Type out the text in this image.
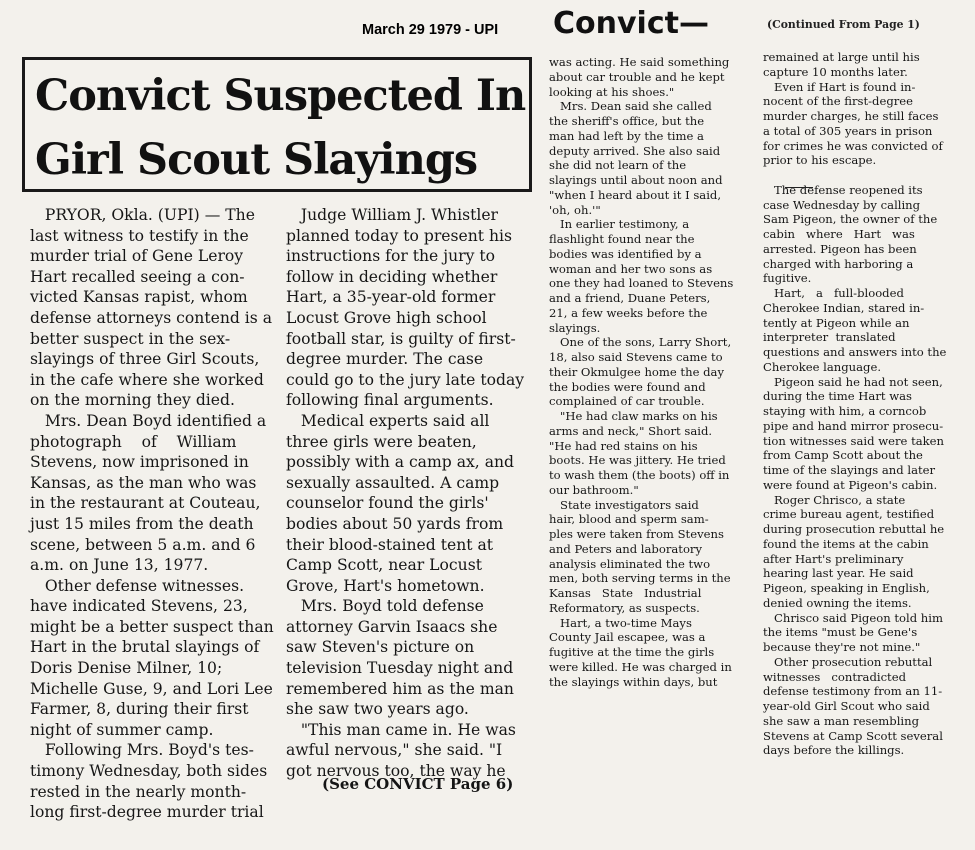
March 29 1979 - UPI
Convict Suspected In
Girl Scout Slayings
PRYOR, Okla. (UPI) — The
last witness to testify in the
murder trial of Gene Leroy
Hart recalled seeing a con-
victed Kansas rapist, whom
defense attorneys contend is a
better suspect in the sex-
slayings of three Girl Scouts,
in the cafe where she worked
on the morning they died.
Mrs. Dean Boyd identified a
photograph    of    William
Stevens, now imprisoned in
Kansas, as the man who was
in the restaurant at Couteau,
just 15 miles from the death
scene, between 5 a.m. and 6
a.m. on June 13, 1977.
Other defense witnesses.
have indicated Stevens, 23,
might be a better suspect than
Hart in the brutal slayings of
Doris Denise Milner, 10;
Michelle Guse, 9, and Lori Lee
Farmer, 8, during their first
night of summer camp.
Following Mrs. Boyd's tes-
timony Wednesday, both sides
rested in the nearly month-
long first-degree murder trial
Judge William J. Whistler
planned today to present his
instructions for the jury to
follow in deciding whether
Hart, a 35-year-old former
Locust Grove high school
football star, is guilty of first-
degree murder. The case
could go to the jury late today
following final arguments.
Medical experts said all
three girls were beaten,
possibly with a camp ax, and
sexually assaulted. A camp
counselor found the girls'
bodies about 50 yards from
their blood-stained tent at
Camp Scott, near Locust
Grove, Hart's hometown.
Mrs. Boyd told defense
attorney Garvin Isaacs she
saw Steven's picture on
television Tuesday night and
remembered him as the man
she saw two years ago.
"This man came in. He was
awful nervous," she said. "I
got nervous too, the way he
(See CONVICT Page 6)
Convict—	(Continued From Page 1)
was acting. He said something
about car trouble and he kept
looking at his shoes."
Mrs. Dean said she called
the sheriff's office, but the
man had left by the time a
deputy arrived. She also said
she did not learn of the
slayings until about noon and
"when I heard about it I said,
'oh, oh.'"
In earlier testimony, a
flashlight found near the
bodies was identified by a
woman and her two sons as
one they had loaned to Stevens
and a friend, Duane Peters,
21, a few weeks before the
slayings.
One of the sons, Larry Short,
18, also said Stevens came to
their Okmulgee home the day
the bodies were found and
complained of car trouble.
"He had claw marks on his
arms and neck," Short said.
"He had red stains on his
boots. He was jittery. He tried
to wash them (the boots) off in
our bathroom."
State investigators said
hair, blood and sperm sam-
ples were taken from Stevens
and Peters and laboratory
analysis eliminated the two
men, both serving terms in the
Kansas   State   Industrial
Reformatory, as suspects.
Hart, a two-time Mays
County Jail escapee, was a
fugitive at the time the girls
were killed. He was charged in
the slayings within days, but
remained at large until his
capture 10 months later.
Even if Hart is found in-
nocent of the first-degree
murder charges, he still faces
a total of 305 years in prison
for crimes he was convicted of
prior to his escape.

The defense reopened its
case Wednesday by calling
Sam Pigeon, the owner of the
cabin   where   Hart   was
arrested. Pigeon has been
charged with harboring a
fugitive.
Hart,   a   full-blooded
Cherokee Indian, stared in-
tently at Pigeon while an
interpreter  translated
questions and answers into the
Cherokee language.
Pigeon said he had not seen,
during the time Hart was
staying with him, a corncob
pipe and hand mirror prosecu-
tion witnesses said were taken
from Camp Scott about the
time of the slayings and later
were found at Pigeon's cabin.
Roger Chrisco, a state
crime bureau agent, testified
during prosecution rebuttal he
found the items at the cabin
after Hart's preliminary
hearing last year. He said
Pigeon, speaking in English,
denied owning the items.
Chrisco said Pigeon told him
the items "must be Gene's
because they're not mine."
Other prosecution rebuttal
witnesses   contradicted
defense testimony from an 11-
year-old Girl Scout who said
she saw a man resembling
Stevens at Camp Scott several
days before the killings.
